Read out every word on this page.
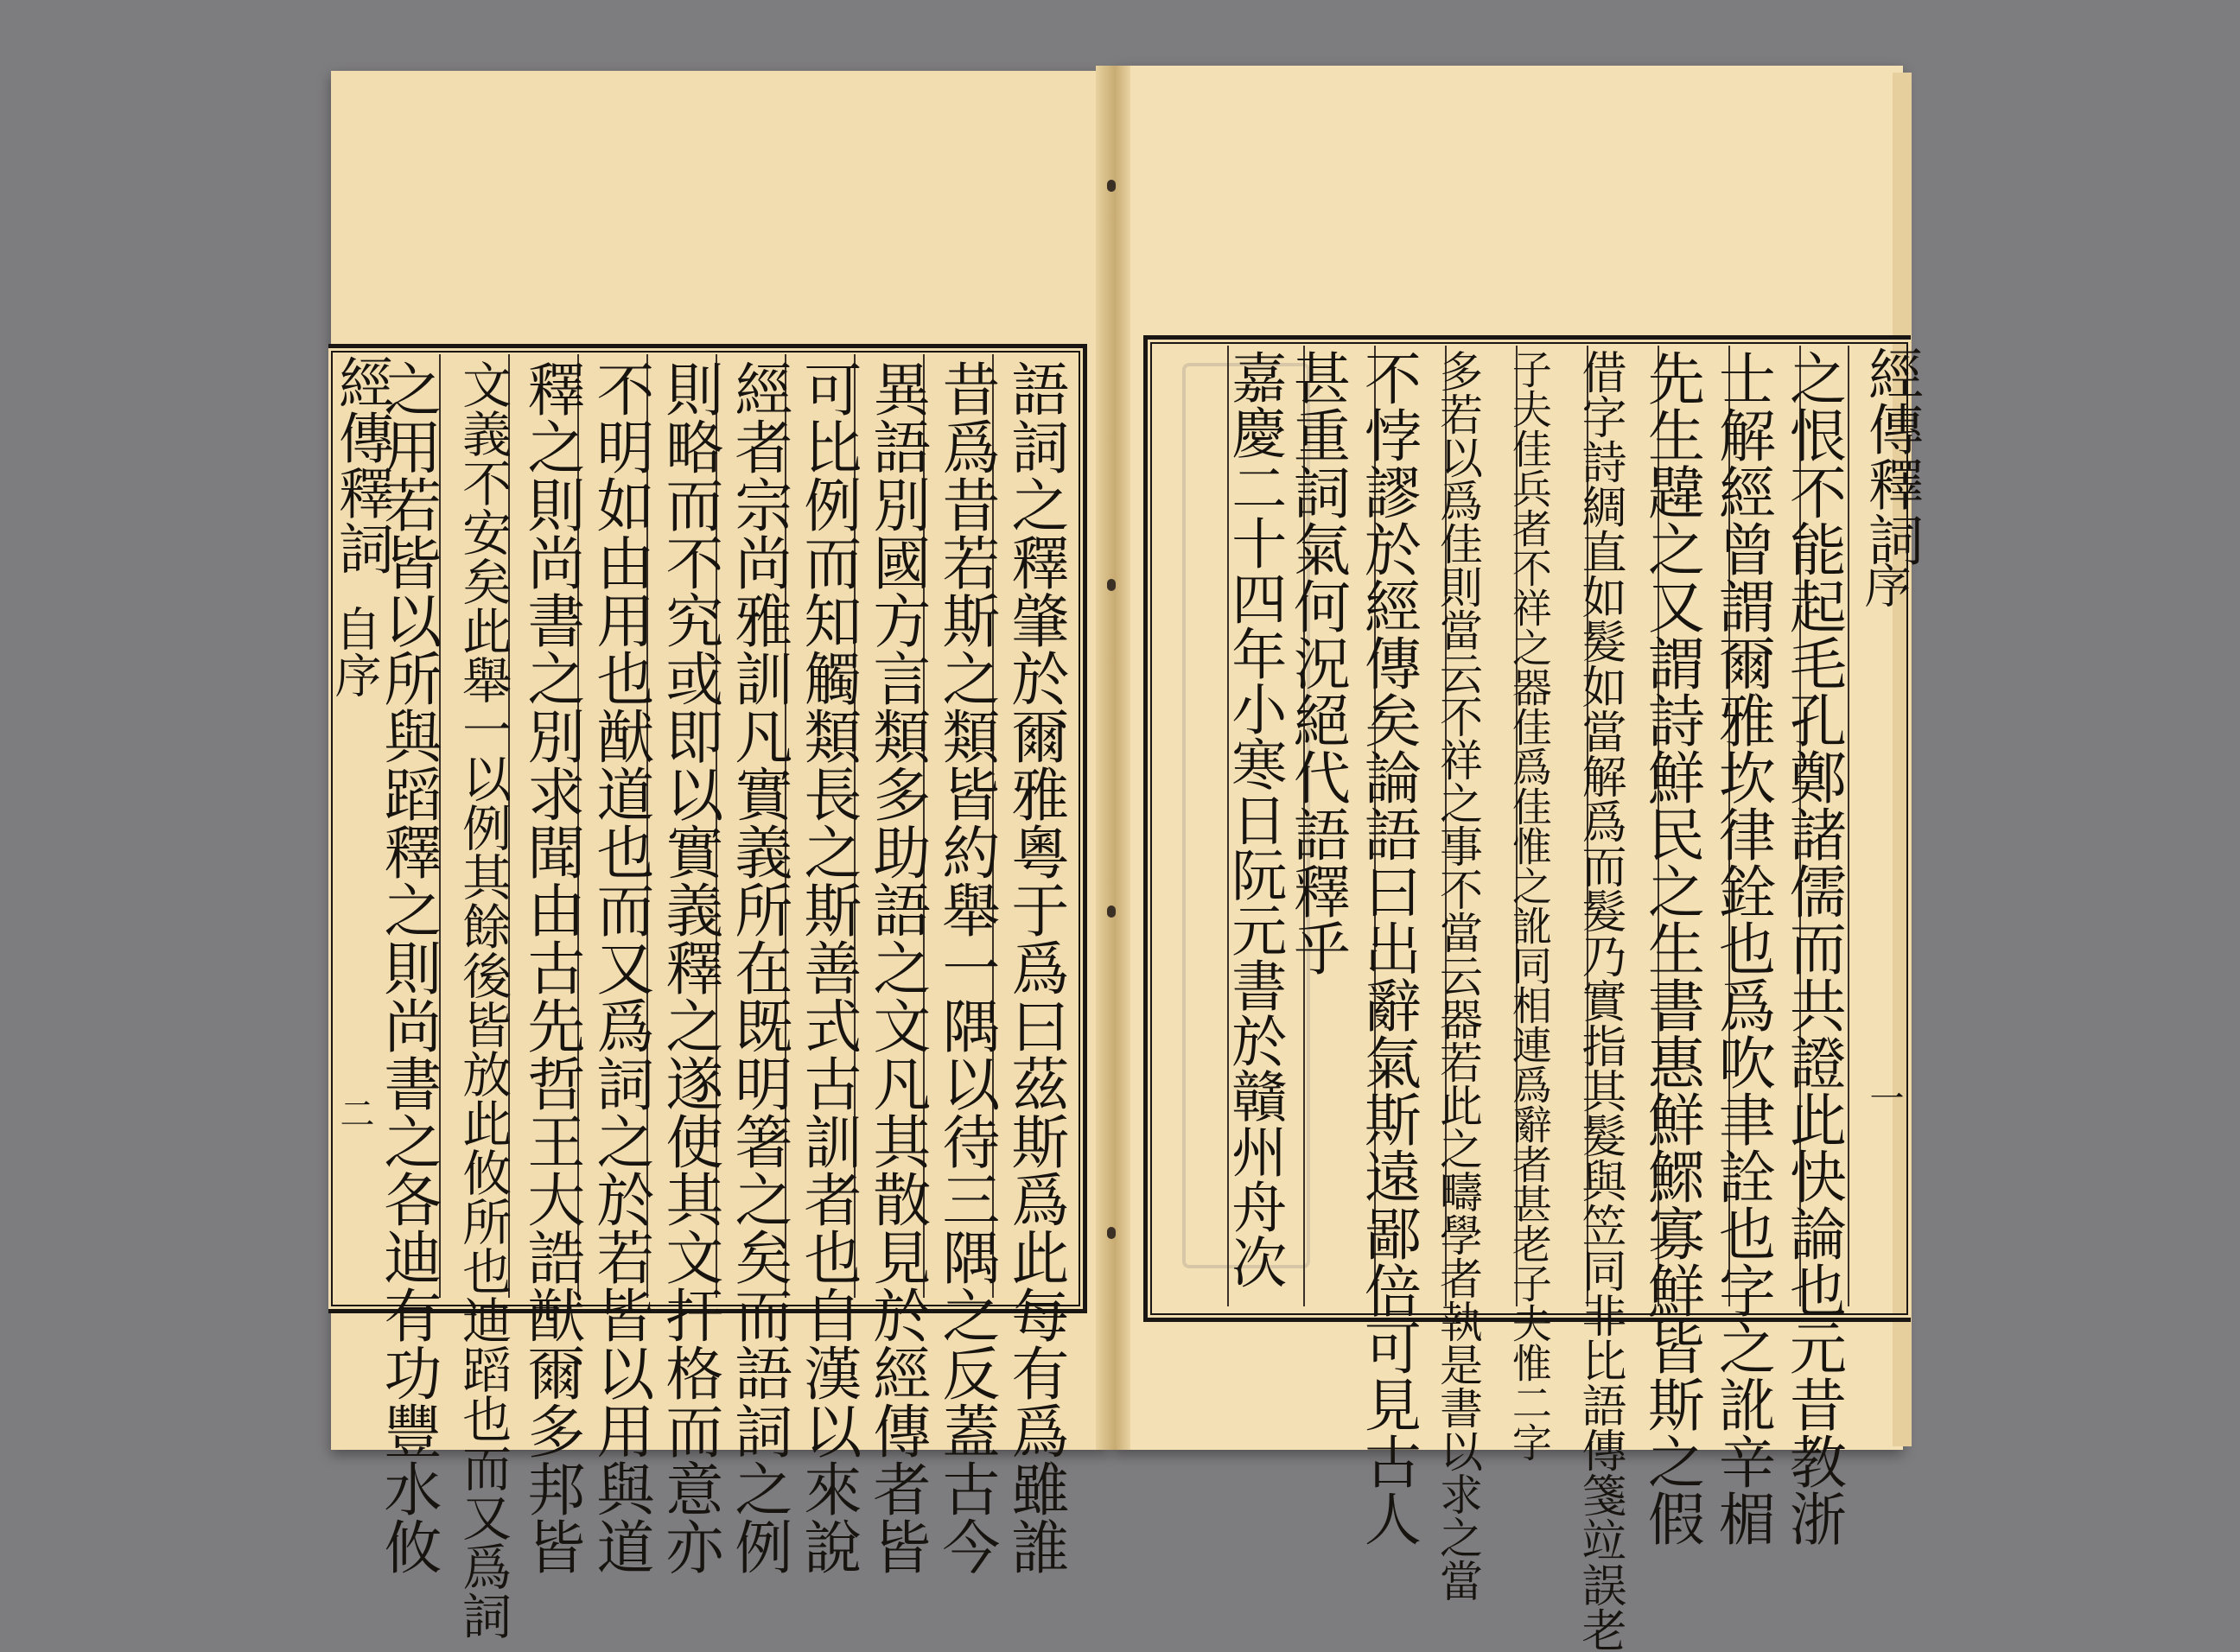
經傳釋詞
自序
二	語詞之釋肇於爾雅粵于爲曰茲斯爲此每有爲雖誰
昔爲昔若斯之類皆約舉一隅以待三隅之反蓋古今
異語別國方言類多助語之文凡其散見於經傳者皆
可比例而知觸類長之斯善式古訓者也自漢以來說
經者宗尚雅訓凡實義所在既明箸之矣而語詞之例
則略而不究或即以實義釋之遂使其文扞格而意亦
不明如由用也猷道也而又爲詞之於若皆以用與道
釋之則尚書之別求聞由古先哲王大誥猷爾多邦皆
文義不安矣此舉一以例其餘後皆放此攸所也迪蹈也而又爲詞
之用若皆以所與蹈釋之則尚書之各迪有功豐水攸	經傳釋詞
序
一
之恨不能起毛孔鄭諸儒而共證此快論也元昔教浙
士解經曾謂爾雅坎律銓也爲吹聿詮也字之訛辛楣
先生韙之又謂詩鮮民之生書惠鮮鰥寡鮮皆斯之假
借字詩綢直如髮如當解爲而髮乃實指其髮與笠同非比語傳箋竝誤老
子夫佳兵者不祥之器佳爲佳惟之訛同相連爲辭者甚老子夫惟二字
多若以爲佳則當云不祥之事不當云器若此之疇學者執是書以求之當
不悖謬於經傳矣論語曰出辭氣斯遠鄙倍可見古人
甚重詞氣何況絕代語釋乎
嘉慶二十四年小寒日阮元書於贛州舟次
